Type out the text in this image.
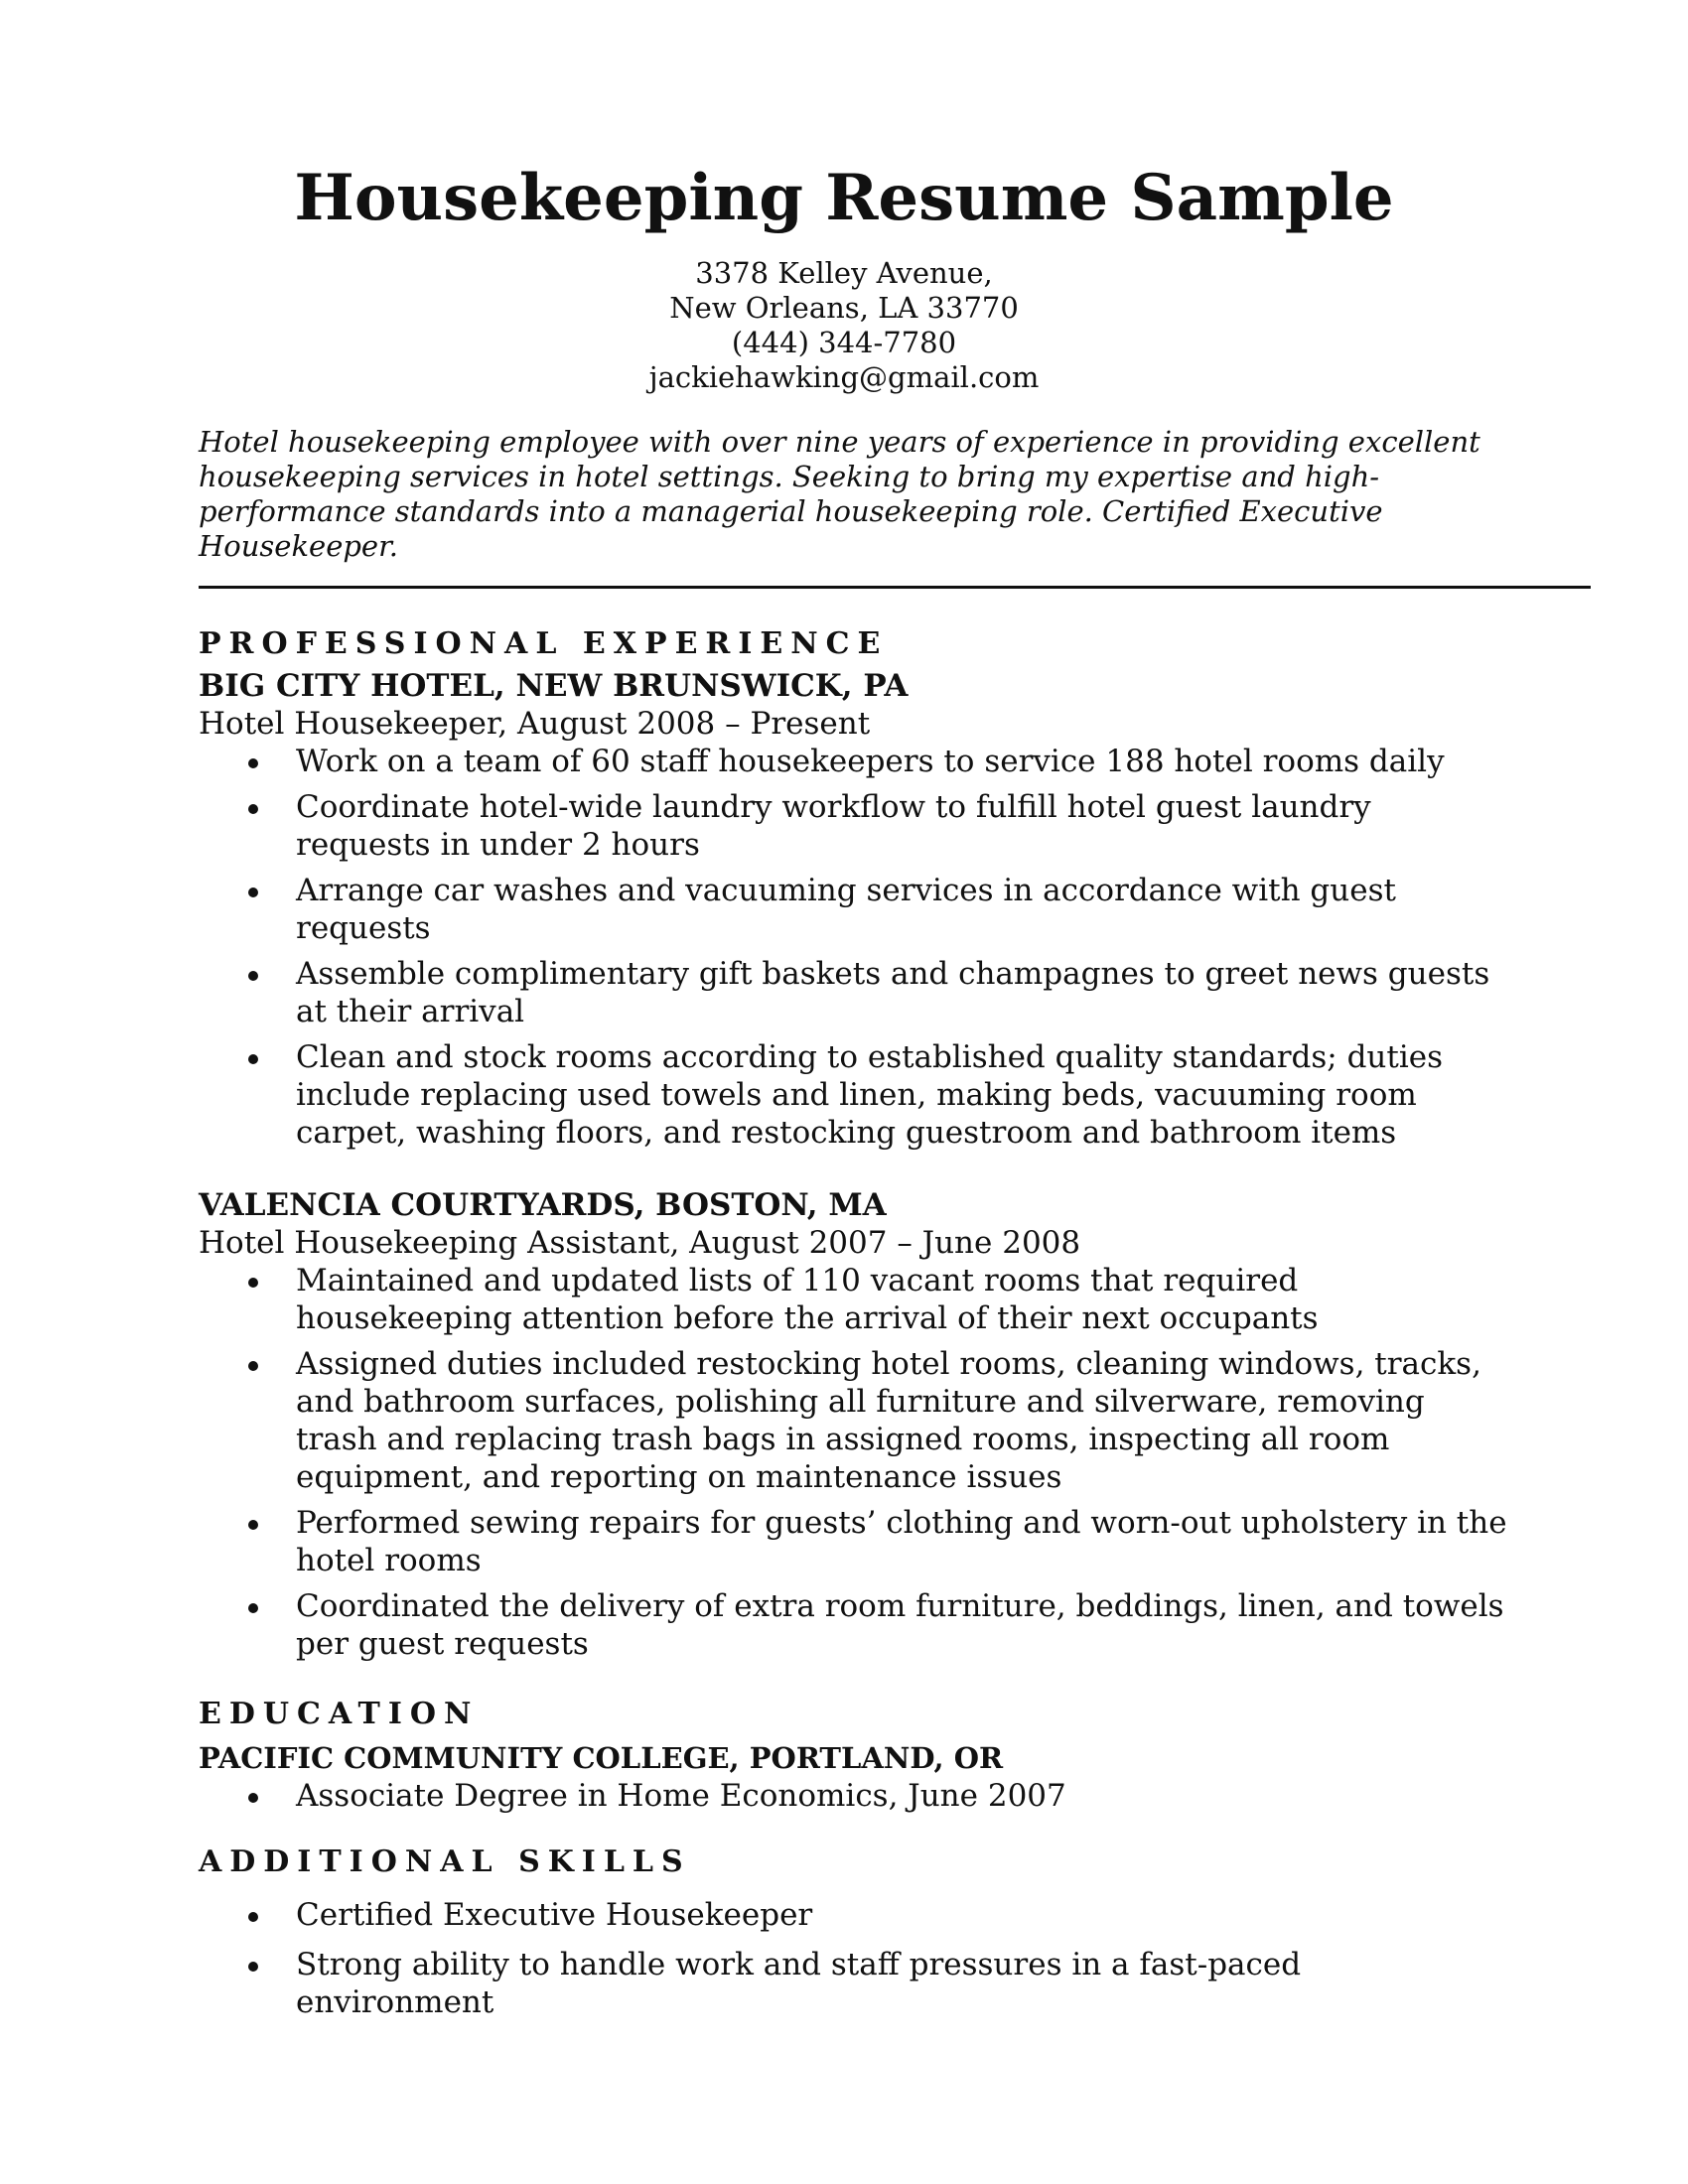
Housekeeping Resume Sample
3378 Kelley Avenue,
New Orleans, LA 33770
(444) 344-7780
jackiehawking@gmail.com
Hotel housekeeping employee with over nine years of experience in providing excellent housekeeping services in hotel settings. Seeking to bring my expertise and high-performance standards into a managerial housekeeping role. Certified Executive Housekeeper.
PROFESSIONAL EXPERIENCE
BIG CITY HOTEL, NEW BRUNSWICK, PA
Hotel Housekeeper, August 2008 – Present
Work on a team of 60 staff housekeepers to service 188 hotel rooms daily
Coordinate hotel-wide laundry workflow to fulfill hotel guest laundry requests in under 2 hours
Arrange car washes and vacuuming services in accordance with guest requests
Assemble complimentary gift baskets and champagnes to greet news guests at their arrival
Clean and stock rooms according to established quality standards; duties include replacing used towels and linen, making beds, vacuuming room carpet, washing floors, and restocking guestroom and bathroom items
VALENCIA COURTYARDS, BOSTON, MA
Hotel Housekeeping Assistant, August 2007 – June 2008
Maintained and updated lists of 110 vacant rooms that required housekeeping attention before the arrival of their next occupants
Assigned duties included restocking hotel rooms, cleaning windows, tracks, and bathroom surfaces, polishing all furniture and silverware, removing trash and replacing trash bags in assigned rooms, inspecting all room equipment, and reporting on maintenance issues
Performed sewing repairs for guests’ clothing and worn-out upholstery in the hotel rooms
Coordinated the delivery of extra room furniture, beddings, linen, and towels per guest requests
EDUCATION
PACIFIC COMMUNITY COLLEGE, PORTLAND, OR
Associate Degree in Home Economics, June 2007
ADDITIONAL SKILLS
Certified Executive Housekeeper
Strong ability to handle work and staff pressures in a fast-paced environment
